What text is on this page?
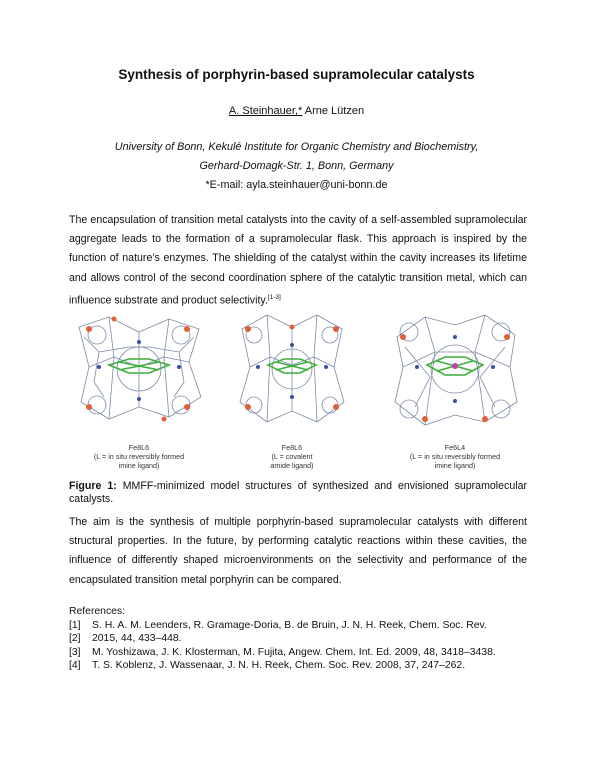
Synthesis of porphyrin-based supramolecular catalysts
A. Steinhauer,* Arne Lützen
University of Bonn, Kekulé Institute for Organic Chemistry and Biochemistry,
Gerhard-Domagk-Str. 1, Bonn, Germany
*E-mail: ayla.steinhauer@uni-bonn.de
The encapsulation of transition metal catalysts into the cavity of a self-assembled supramolecular aggregate leads to the formation of a supramolecular flask. This approach is inspired by the function of nature’s enzymes. The shielding of the catalyst within the cavity increases its lifetime and allows control of the second coordination sphere of the catalytic transition metal, which can influence substrate and product selectivity.[1-3]
Fe8L6
(L = in situ reversibly formed
imine ligand)
Fe8L6
(L = covalent
amide ligand)
Fe6L4
(L = in situ reversibly formed
imine ligand)
Figure 1: MMFF-minimized model structures of synthesized and envisioned supramolecular catalysts.
The aim is the synthesis of multiple porphyrin-based supramolecular catalysts with different structural properties. In the future, by performing catalytic reactions within these cavities, the influence of differently shaped microenvironments on the selectivity and performance of the encapsulated transition metal porphyrin can be compared.
References:
[1]	S. H. A. M. Leenders, R. Gramage-Doria, B. de Bruin, J. N. H. Reek, Chem. Soc. Rev.
[2]	2015, 44, 433–448.
[3]	M. Yoshizawa, J. K. Klosterman, M. Fujita, Angew. Chem. Int. Ed. 2009, 48, 3418–3438.
[4]	T. S. Koblenz, J. Wassenaar, J. N. H. Reek, Chem. Soc. Rev. 2008, 37, 247–262.
